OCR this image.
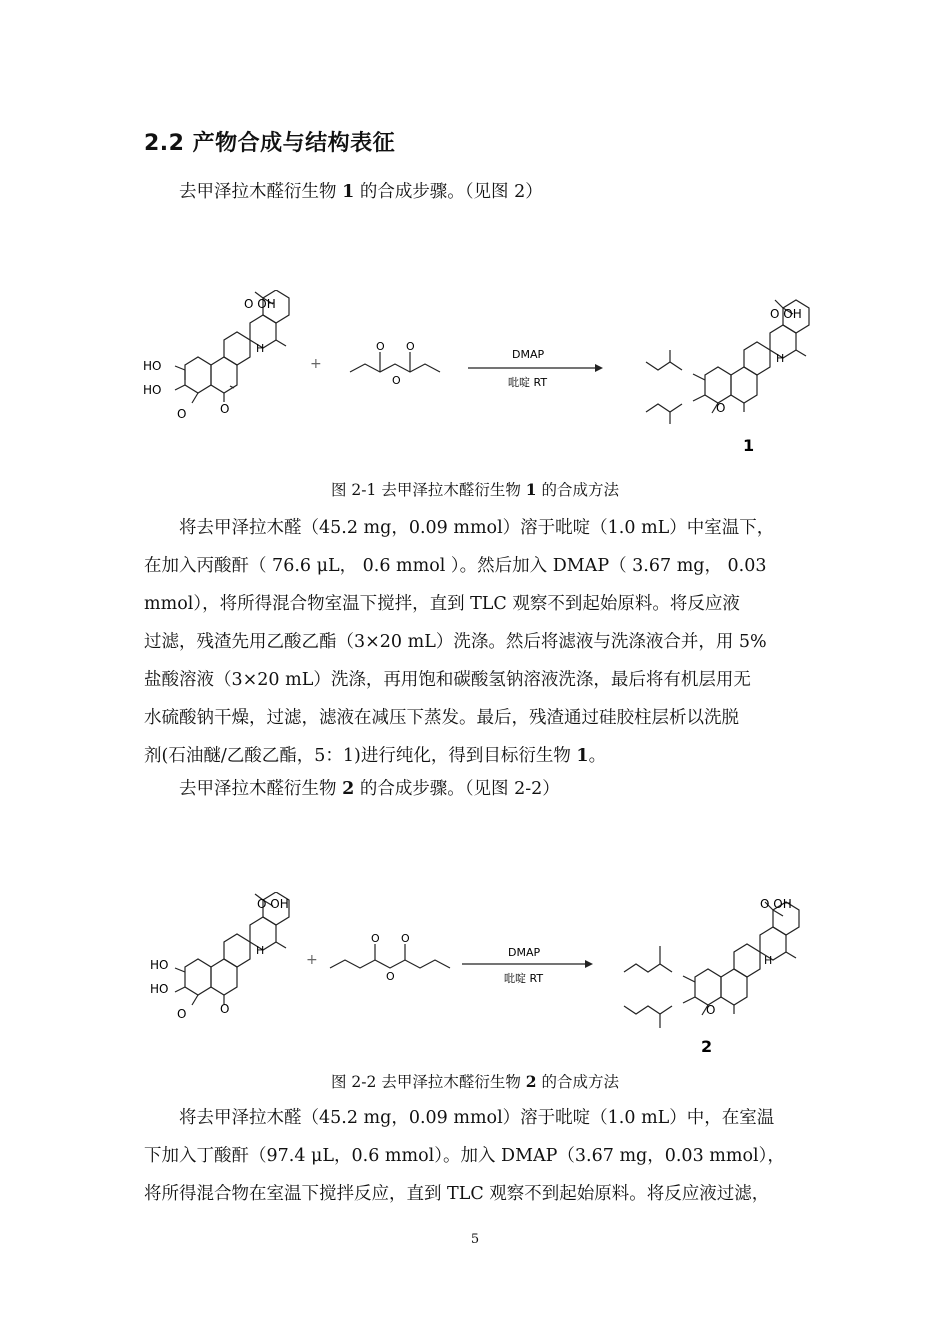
2.2 产物合成与结构表征
去甲泽拉木醛衍生物 1 的合成步骤。（见图 2）
HO
HO
O	O
O OH
H
+
O O
O
DMAP
吡啶 RT
O OH
H
O
1
图 2-1 去甲泽拉木醛衍生物 1 的合成方法
将去甲泽拉木醛（45.2 mg，0.09 mmol）溶于吡啶（1.0 mL）中室温下，
在加入丙酸酐（ 76.6 μL， 0.6 mmol ）。然后加入 DMAP（ 3.67 mg， 0.03
mmol），将所得混合物室温下搅拌，直到 TLC 观察不到起始原料。将反应液
过滤，残渣先用乙酸乙酯（3×20 mL）洗涤。然后将滤液与洗涤液合并，用 5%
盐酸溶液（3×20 mL）洗涤，再用饱和碳酸氢钠溶液洗涤，最后将有机层用无
水硫酸钠干燥，过滤，滤液在减压下蒸发。最后，残渣通过硅胶柱层析以洗脱
剂(石油醚/乙酸乙酯，5：1)进行纯化，得到目标衍生物 1。
去甲泽拉木醛衍生物 2 的合成步骤。（见图 2-2）
HO
HO
O	O
O OH
H
+
O O
O
DMAP
吡啶 RT
O OH
H
O
2
图 2-2 去甲泽拉木醛衍生物 2 的合成方法
将去甲泽拉木醛（45.2 mg，0.09 mmol）溶于吡啶（1.0 mL）中，在室温
下加入丁酸酐（97.4 μL，0.6 mmol）。加入 DMAP（3.67 mg，0.03 mmol），
将所得混合物在室温下搅拌反应，直到 TLC 观察不到起始原料。将反应液过滤，
5
